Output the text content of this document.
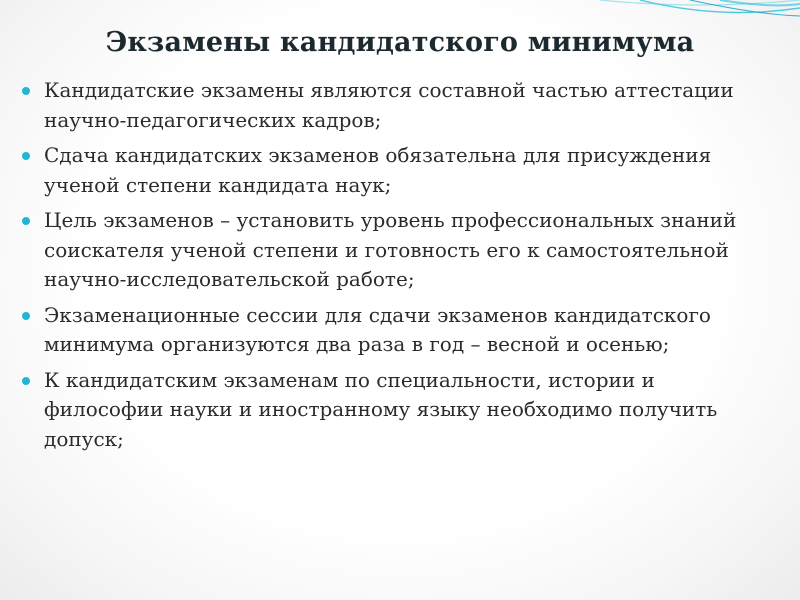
Экзамены кандидатского минимума
Кандидатские экзамены являются составной частью аттестации научно-педагогических кадров;
Сдача кандидатских экзаменов обязательна для присуждения ученой степени кандидата наук;
Цель экзаменов – установить уровень профессиональных знаний соискателя ученой степени и готовность его к самостоятельной научно-исследовательской работе;
Экзаменационные сессии для сдачи экзаменов кандидатского минимума организуются два раза в год – весной и осенью;
К кандидатским экзаменам по специальности, истории и философии науки и иностранному языку необходимо получить допуск;
